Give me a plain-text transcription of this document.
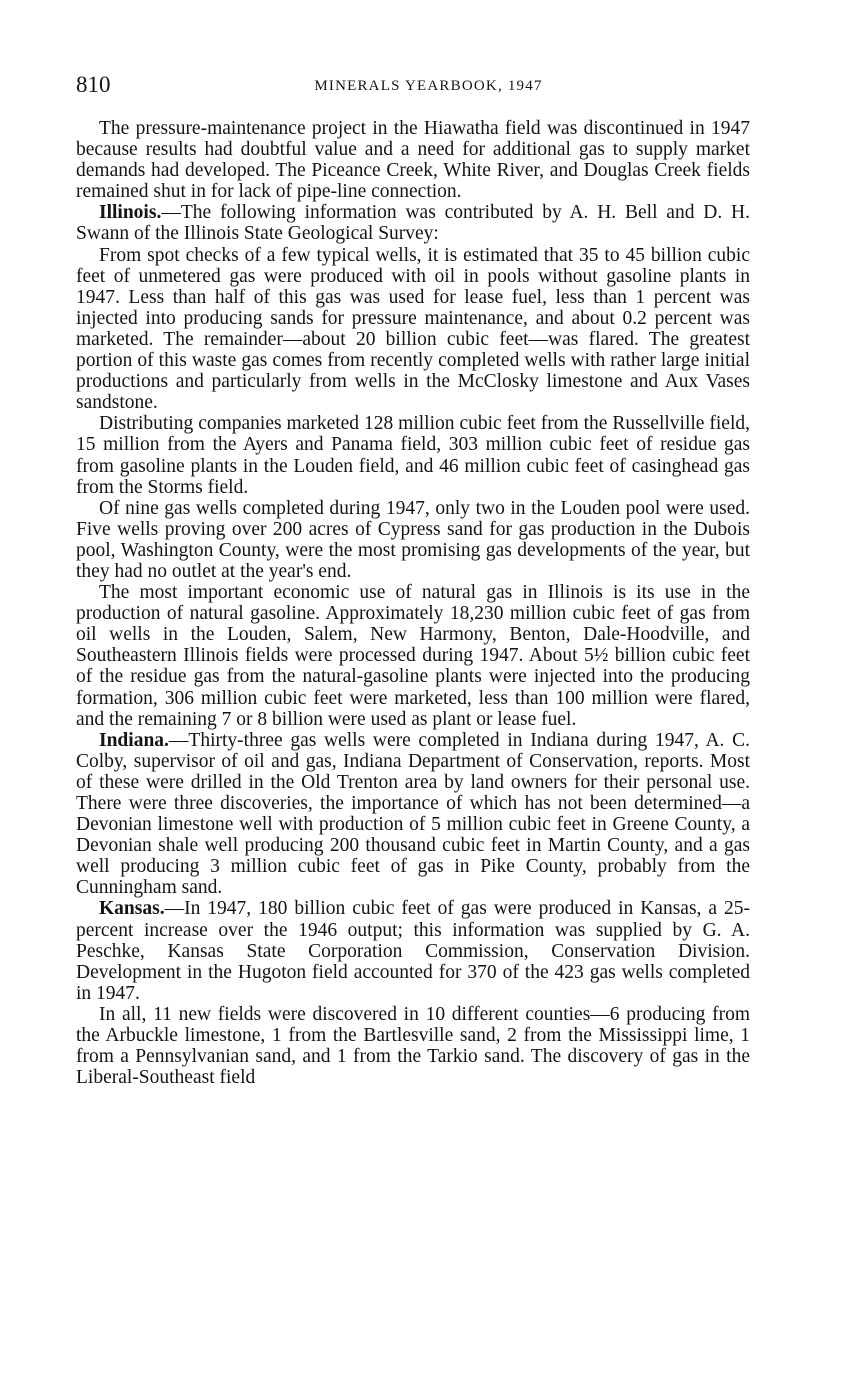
810	MINERALS YEARBOOK, 1947

The pressure-maintenance project in the Hiawatha field was discontinued in 1947 because results had doubtful value and a need for additional gas to supply market demands had developed. The Piceance Creek, White River, and Douglas Creek fields remained shut in for lack of pipe-line connection.

Illinois.—The following information was contributed by A. H. Bell and D. H. Swann of the Illinois State Geological Survey:

From spot checks of a few typical wells, it is estimated that 35 to 45 billion cubic feet of unmetered gas were produced with oil in pools without gasoline plants in 1947. Less than half of this gas was used for lease fuel, less than 1 percent was injected into producing sands for pressure maintenance, and about 0.2 percent was marketed. The remainder—about 20 billion cubic feet—was flared. The greatest portion of this waste gas comes from recently completed wells with rather large initial productions and particularly from wells in the McClosky limestone and Aux Vases sandstone.

Distributing companies marketed 128 million cubic feet from the Russellville field, 15 million from the Ayers and Panama field, 303 million cubic feet of residue gas from gasoline plants in the Louden field, and 46 million cubic feet of casinghead gas from the Storms field.

Of nine gas wells completed during 1947, only two in the Louden pool were used. Five wells proving over 200 acres of Cypress sand for gas production in the Dubois pool, Washington County, were the most promising gas developments of the year, but they had no outlet at the year's end.

The most important economic use of natural gas in Illinois is its use in the production of natural gasoline. Approximately 18,230 million cubic feet of gas from oil wells in the Louden, Salem, New Harmony, Benton, Dale-Hoodville, and Southeastern Illinois fields were processed during 1947. About 5½ billion cubic feet of the residue gas from the natural-gasoline plants were injected into the producing formation, 306 million cubic feet were marketed, less than 100 million were flared, and the remaining 7 or 8 billion were used as plant or lease fuel.

Indiana.—Thirty-three gas wells were completed in Indiana during 1947, A. C. Colby, supervisor of oil and gas, Indiana Department of Conservation, reports. Most of these were drilled in the Old Trenton area by land owners for their personal use. There were three discoveries, the importance of which has not been determined—a Devonian limestone well with production of 5 million cubic feet in Greene County, a Devonian shale well producing 200 thousand cubic feet in Martin County, and a gas well producing 3 million cubic feet of gas in Pike County, probably from the Cunningham sand.

Kansas.—In 1947, 180 billion cubic feet of gas were produced in Kansas, a 25-percent increase over the 1946 output; this information was supplied by G. A. Peschke, Kansas State Corporation Commission, Conservation Division. Development in the Hugoton field accounted for 370 of the 423 gas wells completed in 1947.

In all, 11 new fields were discovered in 10 different counties—6 producing from the Arbuckle limestone, 1 from the Bartlesville sand, 2 from the Mississippi lime, 1 from a Pennsylvanian sand, and 1 from the Tarkio sand. The discovery of gas in the Liberal-Southeast field
